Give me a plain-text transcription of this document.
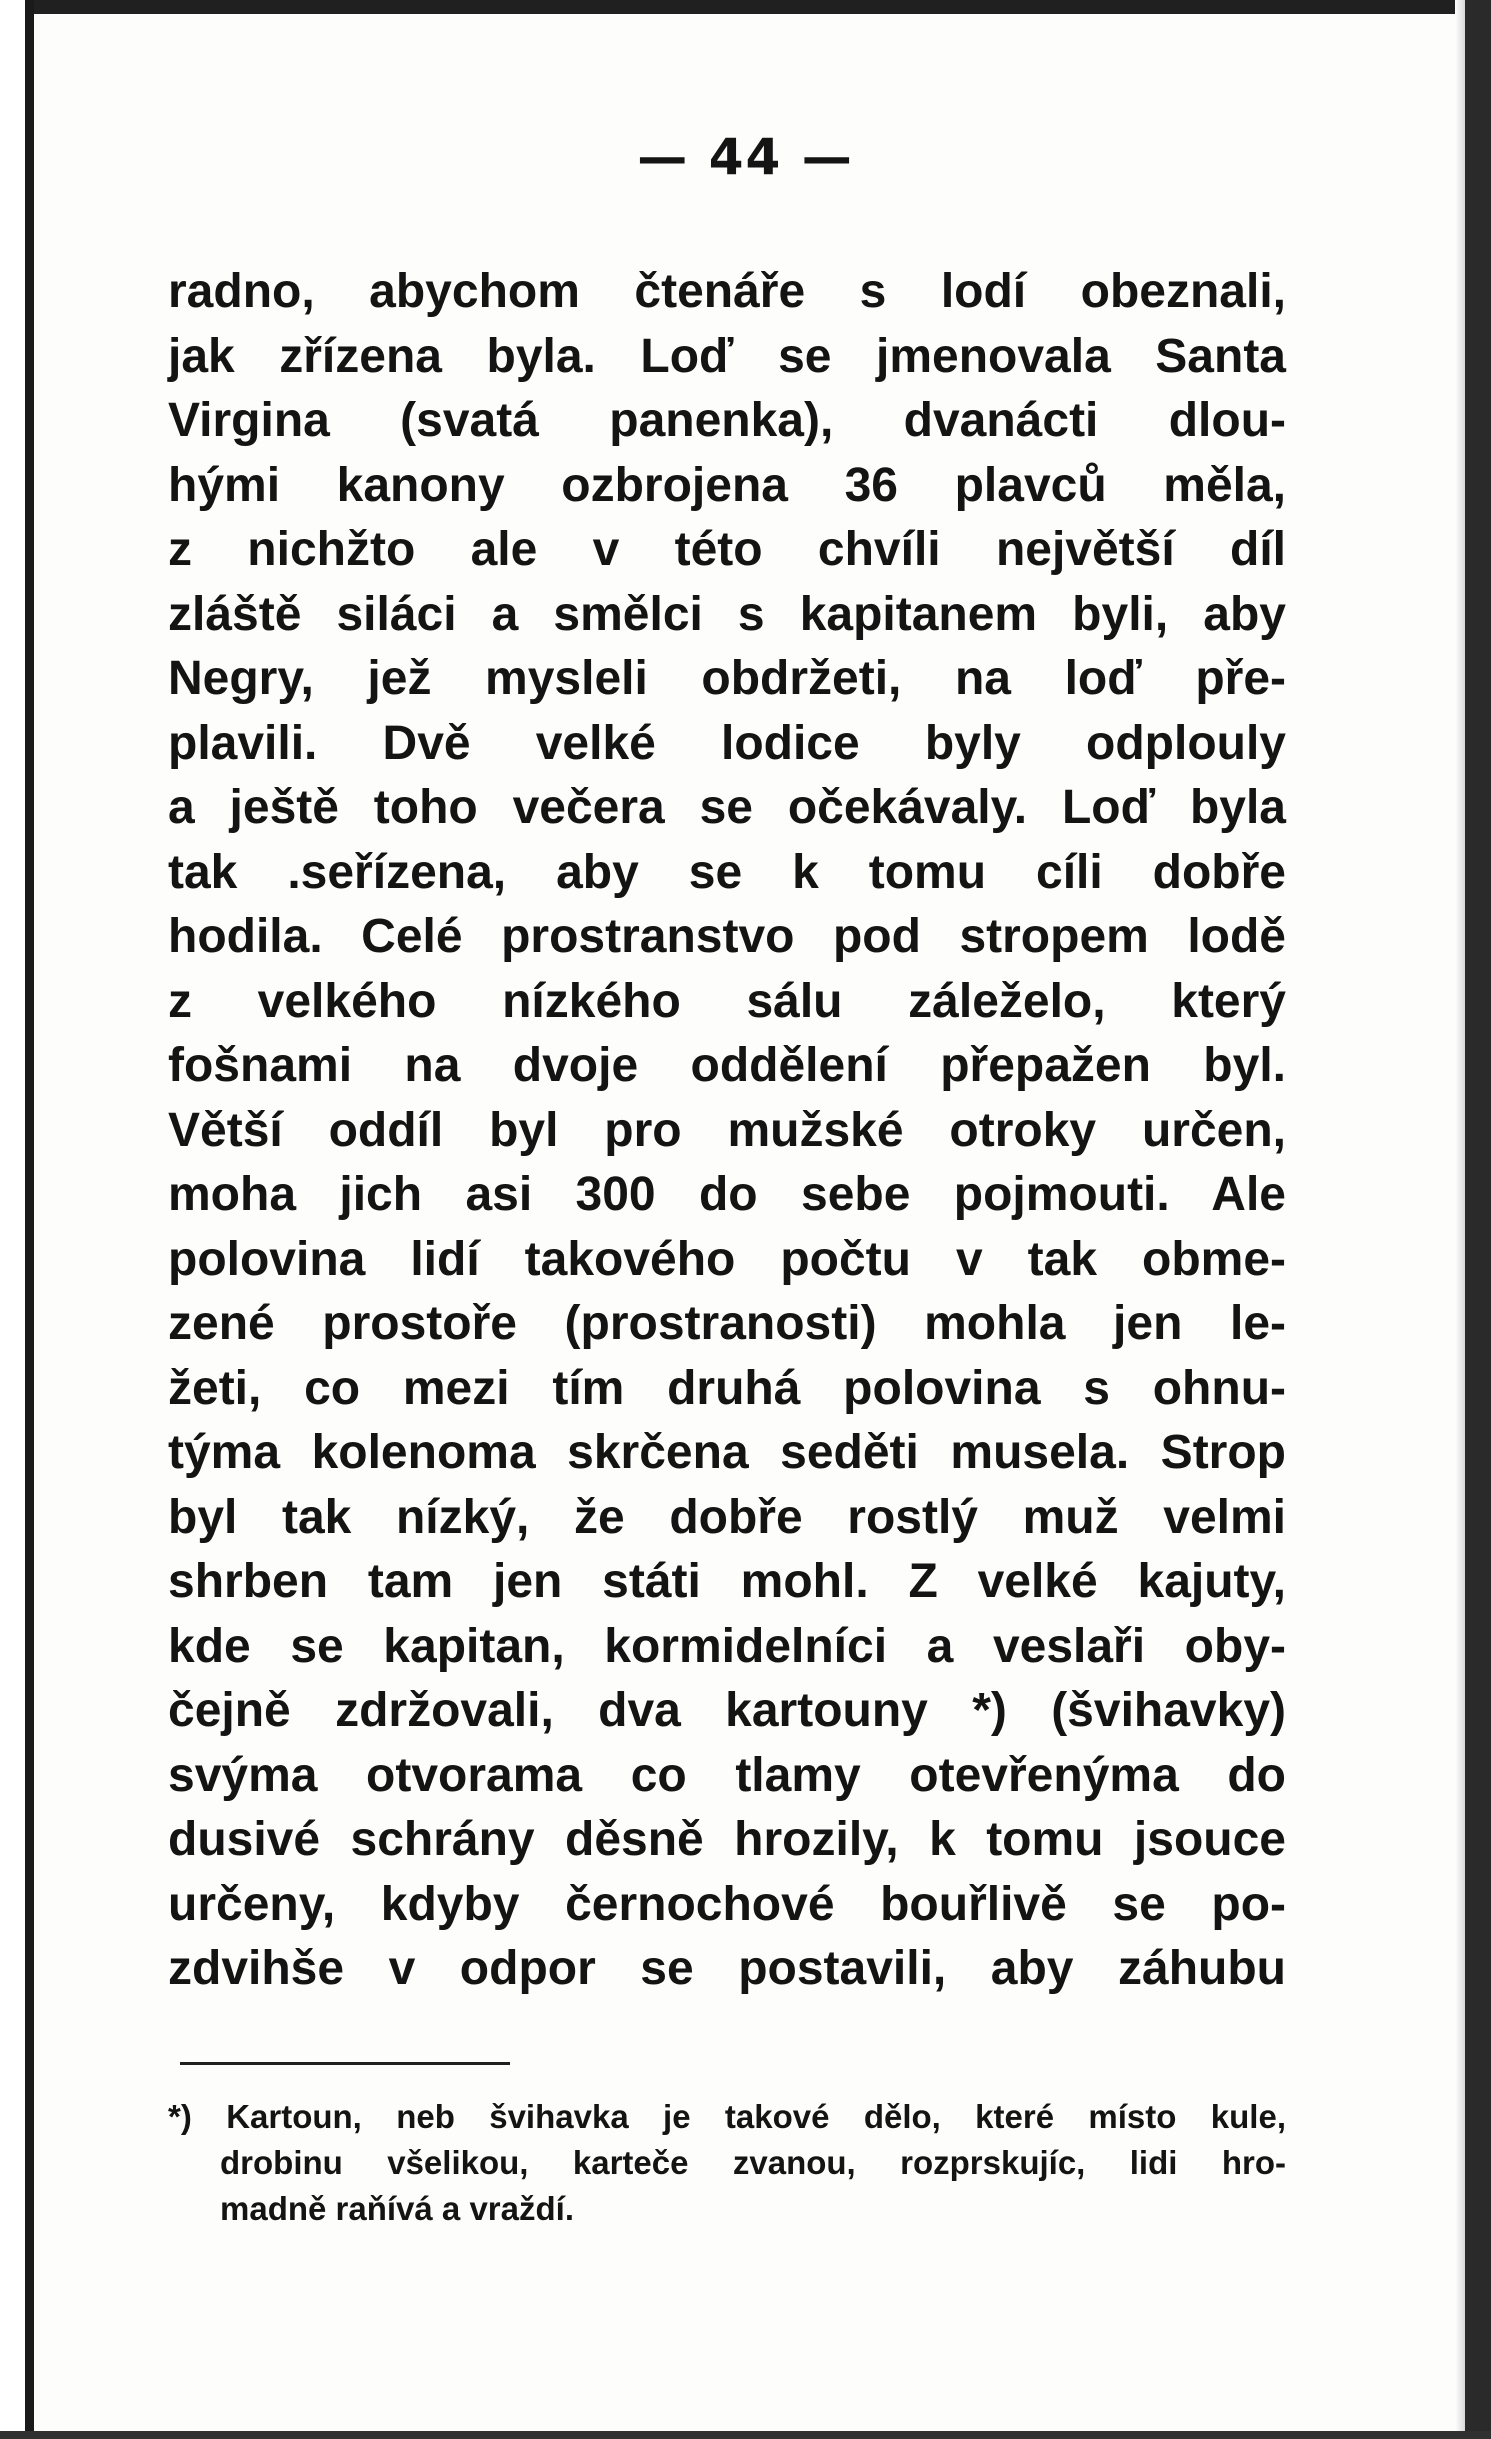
— 44 —
radno, abychom čtenáře s lodí obeznali,
jak zřízena byla. Loď se jmenovala Santa
Virgina (svatá panenka), dvanácti dlou-
hými kanony ozbrojena 36 plavců měla,
z nichžto ale v této chvíli největší díl
zláště siláci a smělci s kapitanem byli, aby
Negry, jež mysleli obdržeti, na loď pře-
plavili. Dvě velké lodice byly odplouly
a ještě toho večera se očekávaly. Loď byla
tak .seřízena, aby se k tomu cíli dobře
hodila. Celé prostranstvo pod stropem lodě
z velkého nízkého sálu záleželo, který
fošnami na dvoje oddělení přepažen byl.
Větší oddíl byl pro mužské otroky určen,
moha jich asi 300 do sebe pojmouti. Ale
polovina lidí takového počtu v tak obme-
zené prostoře (prostranosti) mohla jen le-
žeti, co mezi tím druhá polovina s ohnu-
týma kolenoma skrčena seděti musela. Strop
byl tak nízký, že dobře rostlý muž velmi
shrben tam jen státi mohl. Z velké kajuty,
kde se kapitan, kormidelníci a veslaři oby-
čejně zdržovali, dva kartouny *) (švihavky)
svýma otvorama co tlamy otevřenýma do
dusivé schrány děsně hrozily, k tomu jsouce
určeny, kdyby černochové bouřlivě se po-
zdvihše v odpor se postavili, aby záhubu
*) Kartoun, neb švihavka je takové dělo, které místo kule,
drobinu všelikou, karteče zvanou, rozprskujíc, lidi hro-
madně raňívá a vraždí.
